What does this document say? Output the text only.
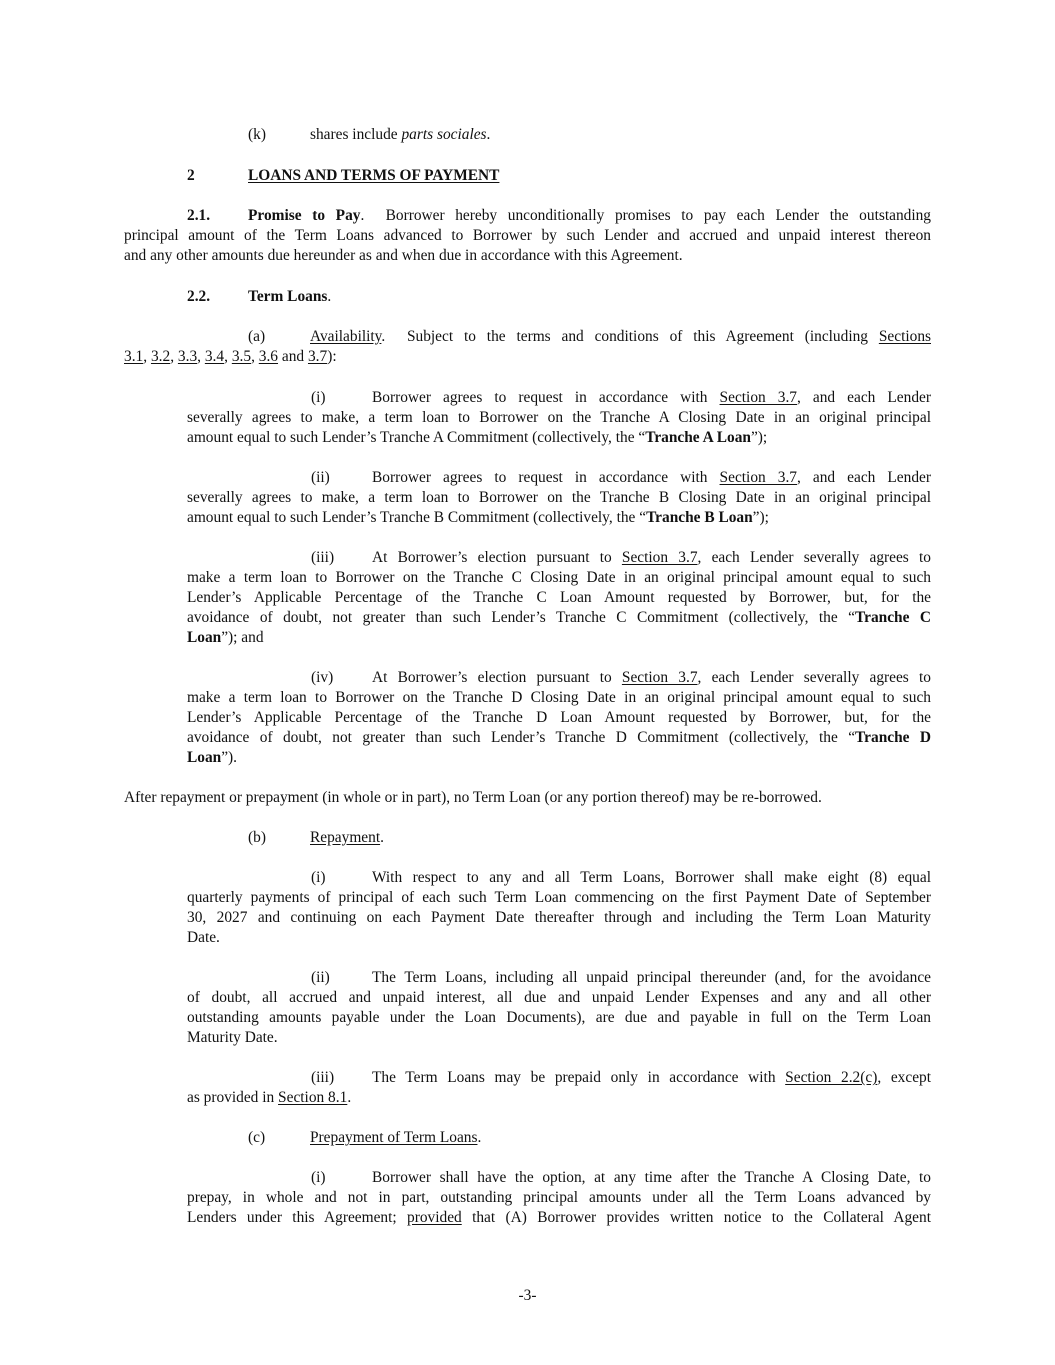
(k)	shares include parts sociales.
2	LOANS AND TERMS OF PAYMENT
2.1. Promise to Pay.  Borrower hereby unconditionally promises to pay each Lender the outstanding
principal amount of the Term Loans advanced to Borrower by such Lender and accrued and unpaid interest thereon
and any other amounts due hereunder as and when due in accordance with this Agreement.
2.2. Term Loans.
(a)	Availability.  Subject to the terms and conditions of this Agreement (including Sections
3.1, 3.2, 3.3, 3.4, 3.5, 3.6 and 3.7):
(i)	Borrower agrees to request in accordance with Section 3.7, and each Lender
severally agrees to make, a term loan to Borrower on the Tranche A Closing Date in an original principal
amount equal to such Lender’s Tranche A Commitment (collectively, the “Tranche A Loan”);
(ii)	Borrower agrees to request in accordance with Section 3.7, and each Lender
severally agrees to make, a term loan to Borrower on the Tranche B Closing Date in an original principal
amount equal to such Lender’s Tranche B Commitment (collectively, the “Tranche B Loan”);
(iii) At Borrower’s election pursuant to Section 3.7, each Lender severally agrees to
make a term loan to Borrower on the Tranche C Closing Date in an original principal amount equal to such
Lender’s Applicable Percentage of the Tranche C Loan Amount requested by Borrower, but, for the
avoidance of doubt, not greater than such Lender’s Tranche C Commitment (collectively, the “Tranche C
Loan”); and
(iv)	At Borrower’s election pursuant to Section 3.7, each Lender severally agrees to
make a term loan to Borrower on the Tranche D Closing Date in an original principal amount equal to such
Lender’s Applicable Percentage of the Tranche D Loan Amount requested by Borrower, but, for the
avoidance of doubt, not greater than such Lender’s Tranche D Commitment (collectively, the “Tranche D
Loan”).
After repayment or prepayment (in whole or in part), no Term Loan (or any portion thereof) may be re-borrowed.
(b)	Repayment.
(i)	With respect to any and all Term Loans, Borrower shall make eight (8) equal
quarterly payments of principal of each such Term Loan commencing on the first Payment Date of September
30, 2027 and continuing on each Payment Date thereafter through and including the Term Loan Maturity
Date.
(ii)	The Term Loans, including all unpaid principal thereunder (and, for the avoidance
of doubt, all accrued and unpaid interest, all due and unpaid Lender Expenses and any and all other
outstanding amounts payable under the Loan Documents), are due and payable in full on the Term Loan
Maturity Date.
(iii) The Term Loans may be prepaid only in accordance with Section 2.2(c), except
as provided in Section 8.1.
(c)	Prepayment of Term Loans.
(i)	Borrower shall have the option, at any time after the Tranche A Closing Date, to
prepay, in whole and not in part, outstanding principal amounts under all the Term Loans advanced by
Lenders under this Agreement; provided that (A) Borrower provides written notice to the Collateral Agent
-3-
